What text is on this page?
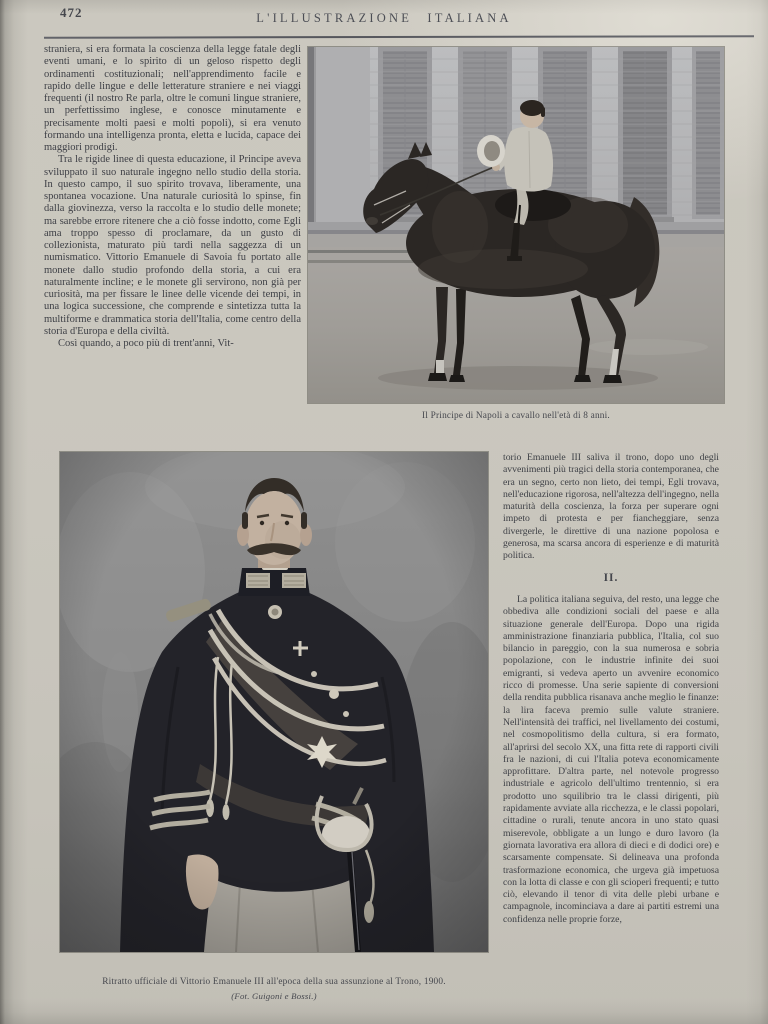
472	L'ILLUSTRAZIONE ITALIANA

straniera, si era formata la coscienza della legge fatale degli eventi umani, e lo spirito di un geloso rispetto degli ordinamenti costituzionali; nell'apprendimento facile e rapido delle lingue e delle letterature straniere e nei viaggi frequenti (il nostro Re parla, oltre le comuni lingue straniere, un perfettissimo inglese, e conosce minutamente e precisamente molti paesi e molti popoli), si era venuto formando una intelligenza pronta, eletta e lucida, capace dei maggiori prodigi.

Tra le rigide linee di questa educazione, il Principe aveva sviluppato il suo naturale ingegno nello studio della storia. In questo campo, il suo spirito trovava, liberamente, una spontanea vocazione. Una naturale curiosità lo spinse, fin dalla giovinezza, verso la raccolta e lo studio delle monete; ma sarebbe errore ritenere che a ciò fosse indotto, come Egli ama troppo spesso di proclamare, da un gusto di collezionista, maturato più tardi nella saggezza di un numismatico. Vittorio Emanuele di Savoia fu portato alle monete dallo studio profondo della storia, a cui era naturalmente incline; e le monete gli servirono, non già per curiosità, ma per fissare le linee delle vicende dei tempi, in una logica successione, che comprende e sintetizza tutta la multiforme e drammatica storia dell'Italia, come centro della storia d'Europa e della civiltà.

Così quando, a poco più di trent'anni, Vit-

Il Principe di Napoli a cavallo nell'età di 8 anni.

torio Emanuele III saliva il trono, dopo uno degli avvenimenti più tragici della storia contemporanea, che era un segno, certo non lieto, dei tempi, Egli trovava, nell'educazione rigorosa, nell'altezza dell'ingegno, nella maturità della coscienza, la forza per superare ogni impeto di protesta e per fiancheggiare, senza divergerle, le direttive di una nazione popolosa e generosa, ma scarsa ancora di esperienze e di maturità politica.

II.

La politica italiana seguiva, del resto, una legge che obbediva alle condizioni sociali del paese e alla situazione generale dell'Europa. Dopo una rigida amministrazione finanziaria pubblica, l'Italia, col suo bilancio in pareggio, con la sua numerosa e sobria popolazione, con le industrie infinite dei suoi emigranti, si vedeva aperto un avvenire economico ricco di promesse. Una serie sapiente di conversioni della rendita pubblica risanava anche meglio le finanze: la lira faceva premio sulle valute straniere. Nell'intensità dei traffici, nel livellamento dei costumi, nel cosmopolitismo della cultura, si era formato, all'aprirsi del secolo XX, una fitta rete di rapporti civili fra le nazioni, di cui l'Italia poteva economicamente approfittare. D'altra parte, nel notevole progresso industriale e agricolo dell'ultimo trentennio, si era prodotto uno squilibrio tra le classi dirigenti, più rapidamente avviate alla ricchezza, e le classi popolari, cittadine o rurali, tenute ancora in uno stato quasi miserevole, obbligate a un lungo e duro lavoro (la giornata lavorativa era allora di dieci e di dodici ore) e scarsamente compensate. Si delineava una profonda trasformazione economica, che urgeva già impetuosa con la lotta di classe e con gli scioperi frequenti; e tutto ciò, elevando il tenor di vita delle plebi urbane e campagnole, incominciava a dare ai partiti estremi una confidenza nelle proprie forze,

Ritratto ufficiale di Vittorio Emanuele III all'epoca della sua assunzione al Trono, 1900.
(Fot. Guigoni e Bossi.)
